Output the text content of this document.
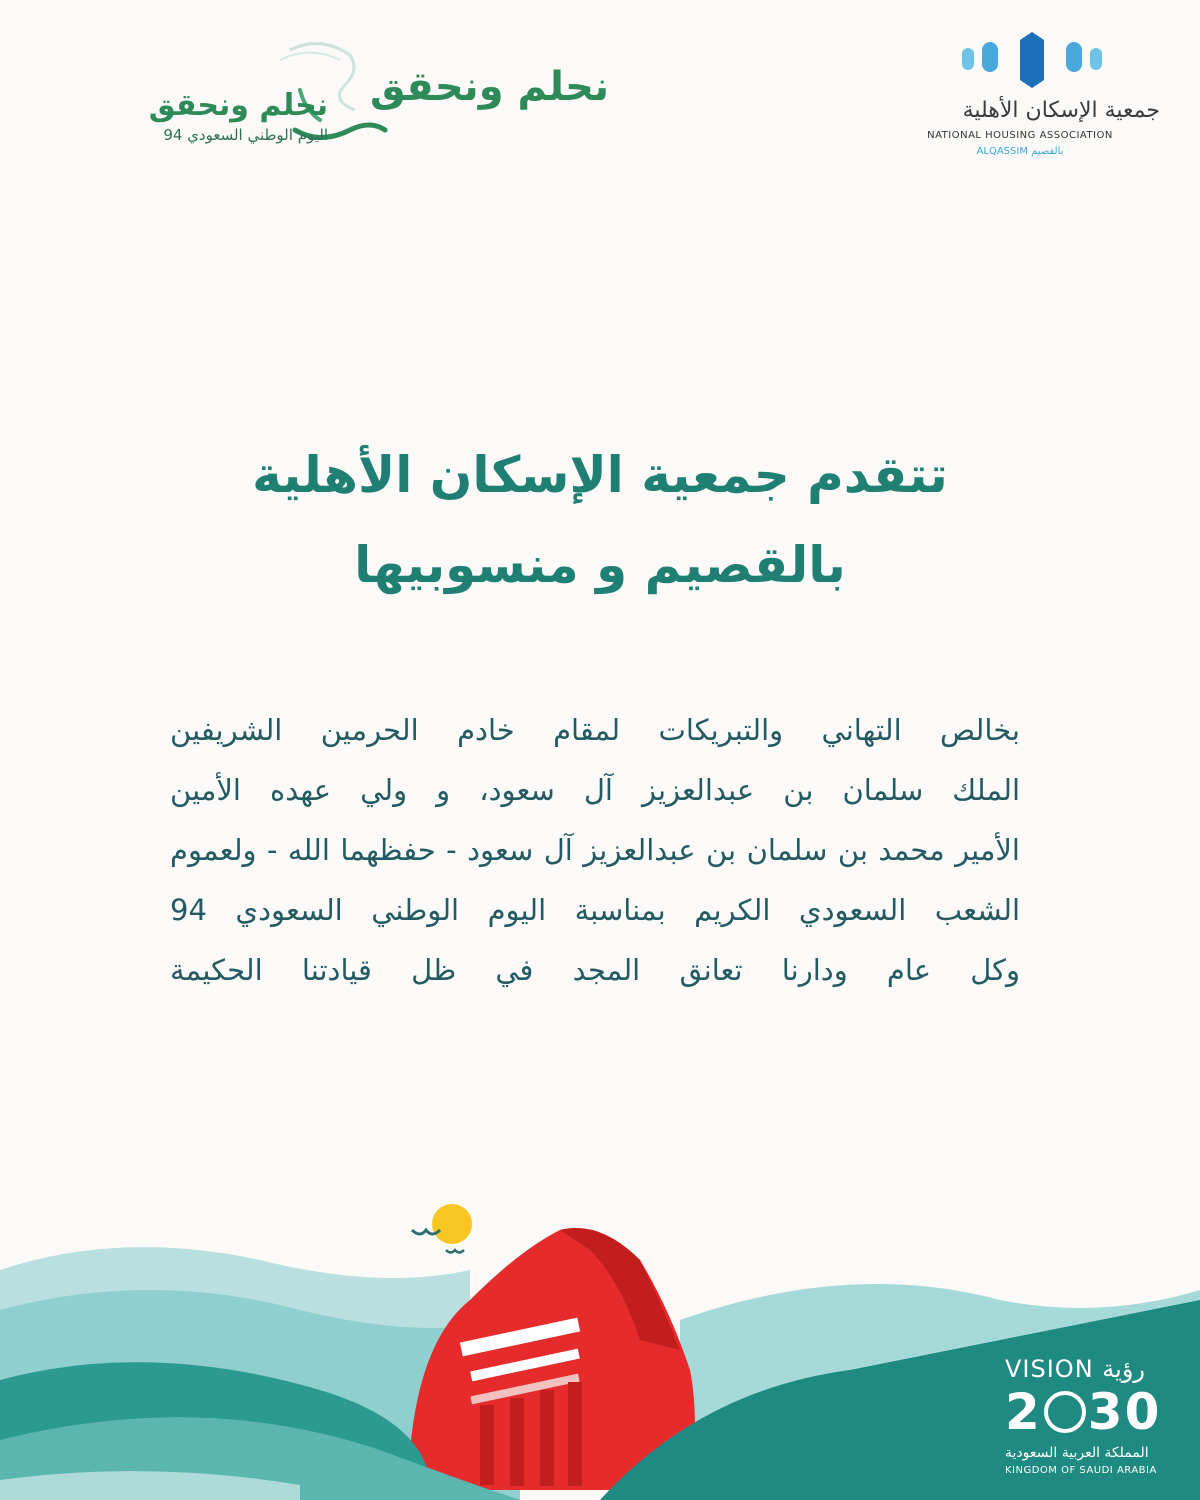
نحلم ونحقق
نحلم ونحقق
اليوم الوطني السعودي 94
جمعية الإسكان الأهلية
NATIONAL HOUSING ASSOCIATION
ALQASSIM بالقصيم
تتقدم جمعية الإسكان الأهلية
بالقصيم و منسوبيها
بخالص التهاني والتبريكات لمقام خادم الحرمين الشريفين
الملك سلمان بن عبدالعزيز آل سعود، و ولي عهده الأمين
الأمير محمد بن سلمان بن عبدالعزيز آل سعود - حفظهما الله - ولعموم
الشعب السعودي الكريم بمناسبة اليوم الوطني السعودي 94
وكل عام ودارنا تعانق المجد في ظل قيادتنا الحكيمة
VISION رؤية
2 30
المملكة العربية السعودية
KINGDOM OF SAUDI ARABIA
